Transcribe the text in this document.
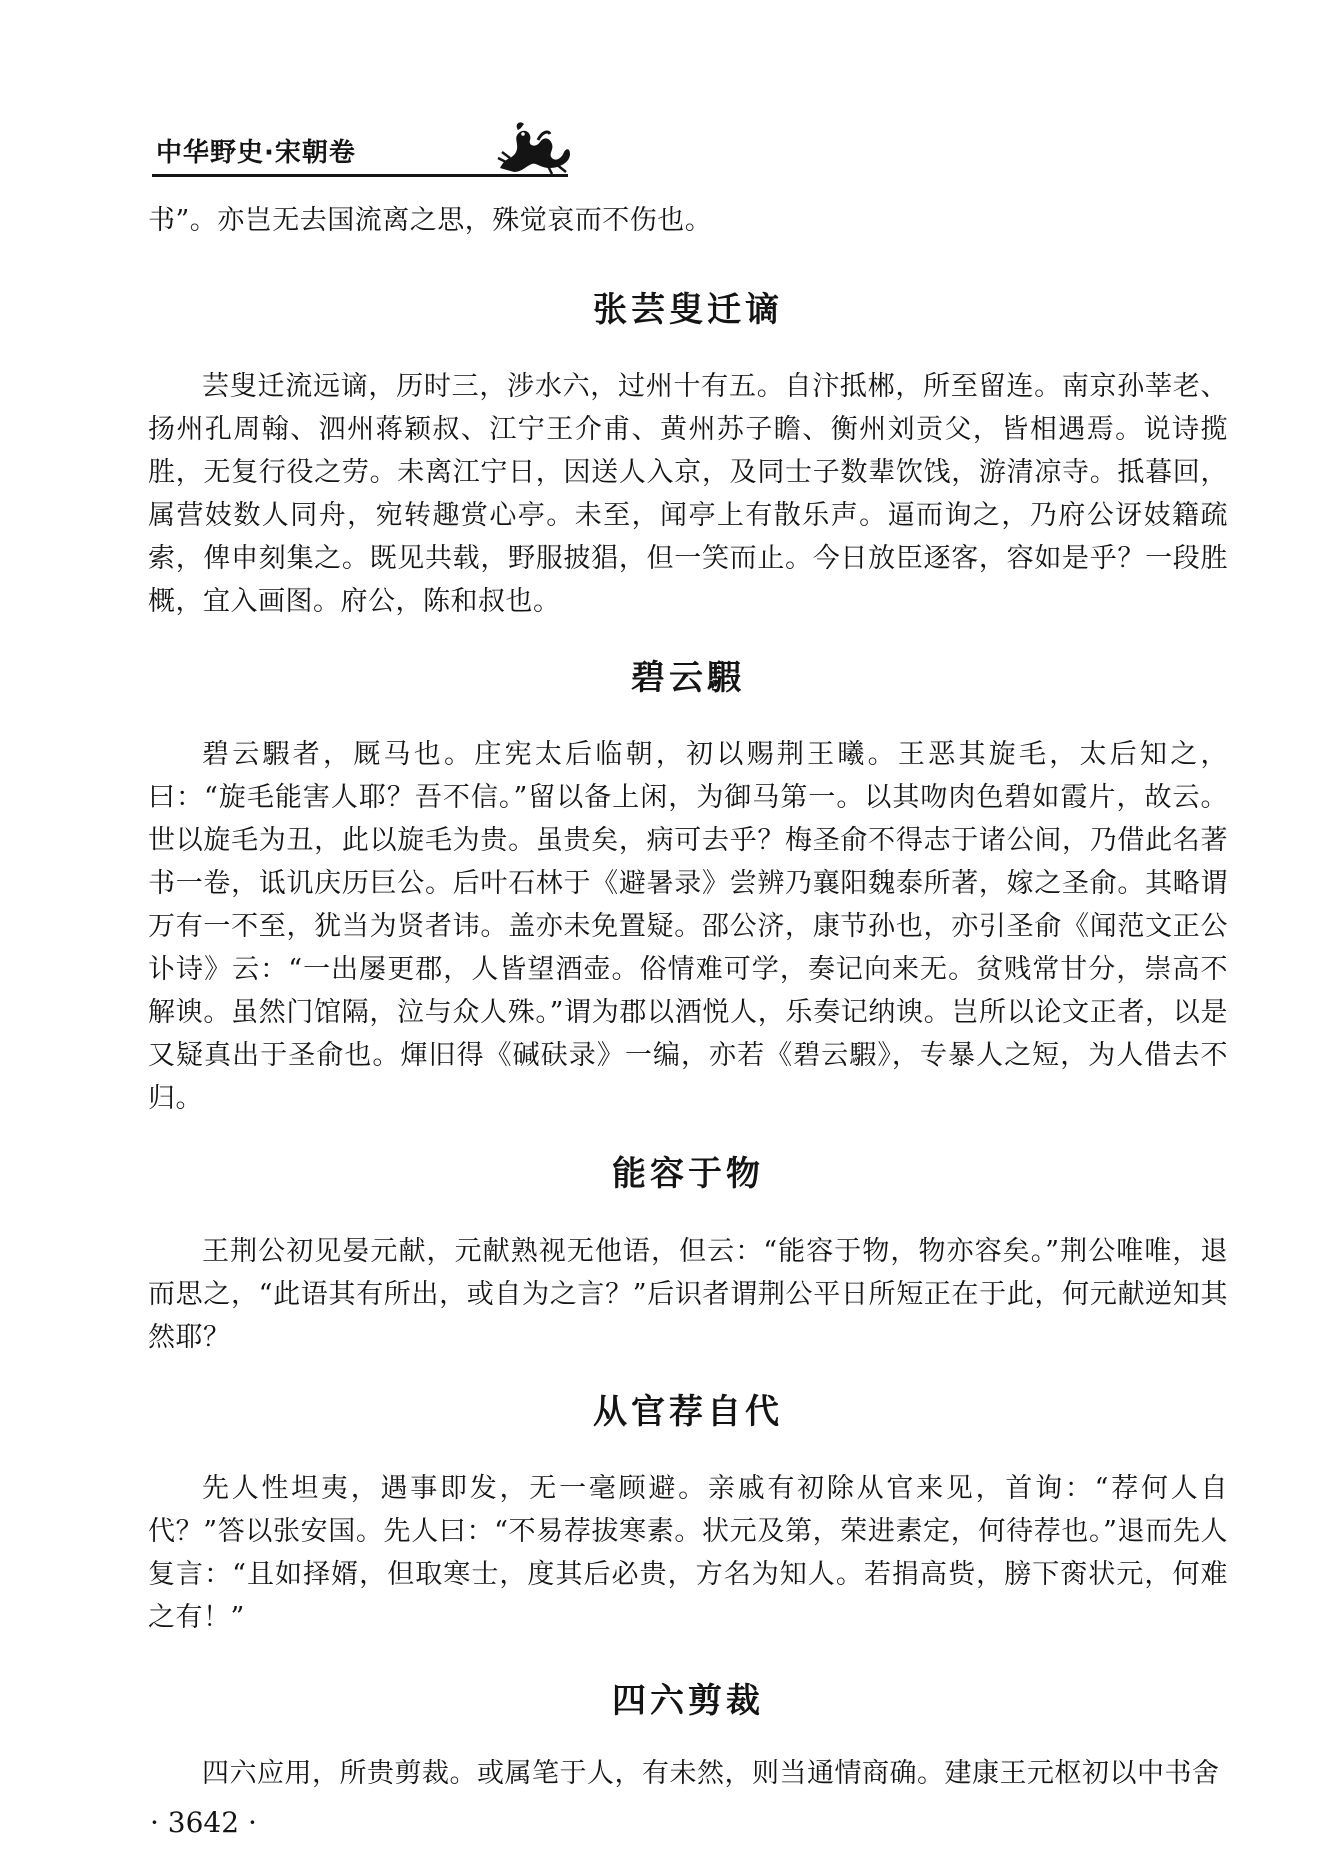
中华野史·宋朝卷

书”。亦岂无去国流离之思，殊觉哀而不伤也。

张芸叟迁谪

芸叟迁流远谪，历时三，涉水六，过州十有五。自汴抵郴，所至留连。南京孙莘老、扬州孔周翰、泗州蒋颖叔、江宁王介甫、黄州苏子瞻、衡州刘贡父，皆相遇焉。说诗揽胜，无复行役之劳。未离江宁日，因送人入京，及同士子数辈饮饯，游清凉寺。抵暮回，属营妓数人同舟，宛转趣赏心亭。未至，闻亭上有散乐声。逼而询之，乃府公讶妓籍疏索，俾申刻集之。既见共载，野服披猖，但一笑而止。今日放臣逐客，容如是乎？一段胜概，宜入画图。府公，陈和叔也。

碧云騢

碧云騢者，厩马也。庄宪太后临朝，初以赐荆王曦。王恶其旋毛，太后知之，曰：“旋毛能害人耶？吾不信。”留以备上闲，为御马第一。以其吻肉色碧如霞片，故云。世以旋毛为丑，此以旋毛为贵。虽贵矣，病可去乎？梅圣俞不得志于诸公间，乃借此名著书一卷，诋讥庆历巨公。后叶石林于《避暑录》尝辨乃襄阳魏泰所著，嫁之圣俞。其略谓万有一不至，犹当为贤者讳。盖亦未免置疑。邵公济，康节孙也，亦引圣俞《闻范文正公讣诗》云：“一出屡更郡，人皆望酒壶。俗情难可学，奏记向来无。贫贱常甘分，崇高不解谀。虽然门馆隔，泣与众人殊。”谓为郡以酒悦人，乐奏记纳谀。岂所以论文正者，以是又疑真出于圣俞也。煇旧得《碱砆录》一编，亦若《碧云騢》，专暴人之短，为人借去不归。

能容于物

王荆公初见晏元献，元献熟视无他语，但云：“能容于物，物亦容矣。”荆公唯唯，退而思之，“此语其有所出，或自为之言？”后识者谓荆公平日所短正在于此，何元献逆知其然耶？

从官荐自代

先人性坦夷，遇事即发，无一毫顾避。亲戚有初除从官来见，首询：“荐何人自代？”答以张安国。先人曰：“不易荐拔寒素。状元及第，荣进素定，何待荐也。”退而先人复言：“且如择婿，但取寒士，度其后必贵，方名为知人。若捐高赀，膀下脔状元，何难之有！”

四六剪裁

四六应用，所贵剪裁。或属笔于人，有未然，则当通情商确。建康王元枢初以中书舍

· 3642 ·
